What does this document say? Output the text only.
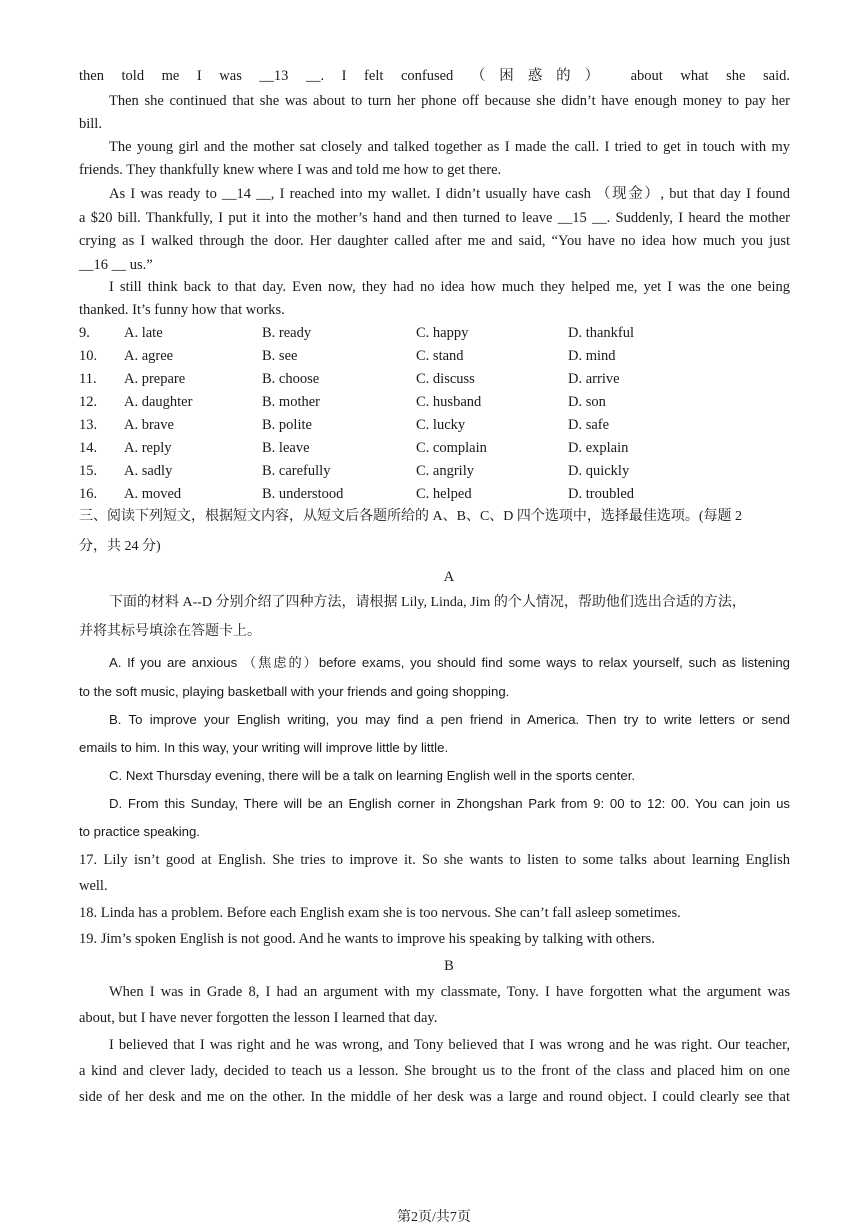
then told me I was __13 __. I felt confused （困惑的） about what she said.
Then she continued that she was about to turn her phone off because she didn’t have enough money to pay her
bill.
The young girl and the mother sat closely and talked together as I made the call. I tried to get in touch with my
friends. They thankfully knew where I was and told me how to get there.
As I was ready to __14 __, I reached into my wallet. I didn’t usually have cash （现金）, but that day I found
a $20 bill. Thankfully, I put it into the mother’s hand and then turned to leave __15 __. Suddenly, I heard the mother
crying as I walked through the door. Her daughter called after me and said, “You have no idea how much you just
__16 __ us.”
I still think back to that day. Even now, they had no idea how much they helped me, yet I was the one being
thanked. It’s funny how that works.
9. A. late	B. ready	C. happy	D. thankful
10. A. agree	B. see	C. stand	D. mind
11. A. prepare	B. choose	C. discuss	D. arrive
12. A. daughter	B. mother	C. husband	D. son
13. A. brave	B. polite	C. lucky	D. safe
14. A. reply	B. leave	C. complain	D. explain
15. A. sadly	B. carefully	C. angrily	D. quickly
16. A. moved	B. understood	C. helped	D. troubled
三、阅读下列短文，根据短文内容，从短文后各题所给的 A、B、C、D 四个选项中，选择最佳选项。(每题 2
分，共 24 分)
A
下面的材料 A--D 分别介绍了四种方法，请根据 Lily, Linda, Jim 的个人情况，帮助他们选出合适的方法，
并将其标号填涂在答题卡上。
A. If you are anxious （焦虑的）before exams, you should find some ways to relax yourself, such as listening
to the soft music, playing basketball with your friends and going shopping.
B. To improve your English writing, you may find a pen friend in America. Then try to write letters or send
emails to him. In this way, your writing will improve little by little.
C. Next Thursday evening, there will be a talk on learning English well in the sports center.
D. From this Sunday, There will be an English corner in Zhongshan Park from 9: 00 to 12: 00. You can join us
to practice speaking.
17. Lily isn’t good at English. She tries to improve it. So she wants to listen to some talks about learning English
well.
18. Linda has a problem. Before each English exam she is too nervous. She can’t fall asleep sometimes.
19. Jim’s spoken English is not good. And he wants to improve his speaking by talking with others.
B
When I was in Grade 8, I had an argument with my classmate, Tony. I have forgotten what the argument was
about, but I have never forgotten the lesson I learned that day.
I believed that I was right and he was wrong, and Tony believed that I was wrong and he was right. Our teacher,
a kind and clever lady, decided to teach us a lesson. She brought us to the front of the class and placed him on one
side of her desk and me on the other. In the middle of her desk was a large and round object. I could clearly see that
第2页/共7页
